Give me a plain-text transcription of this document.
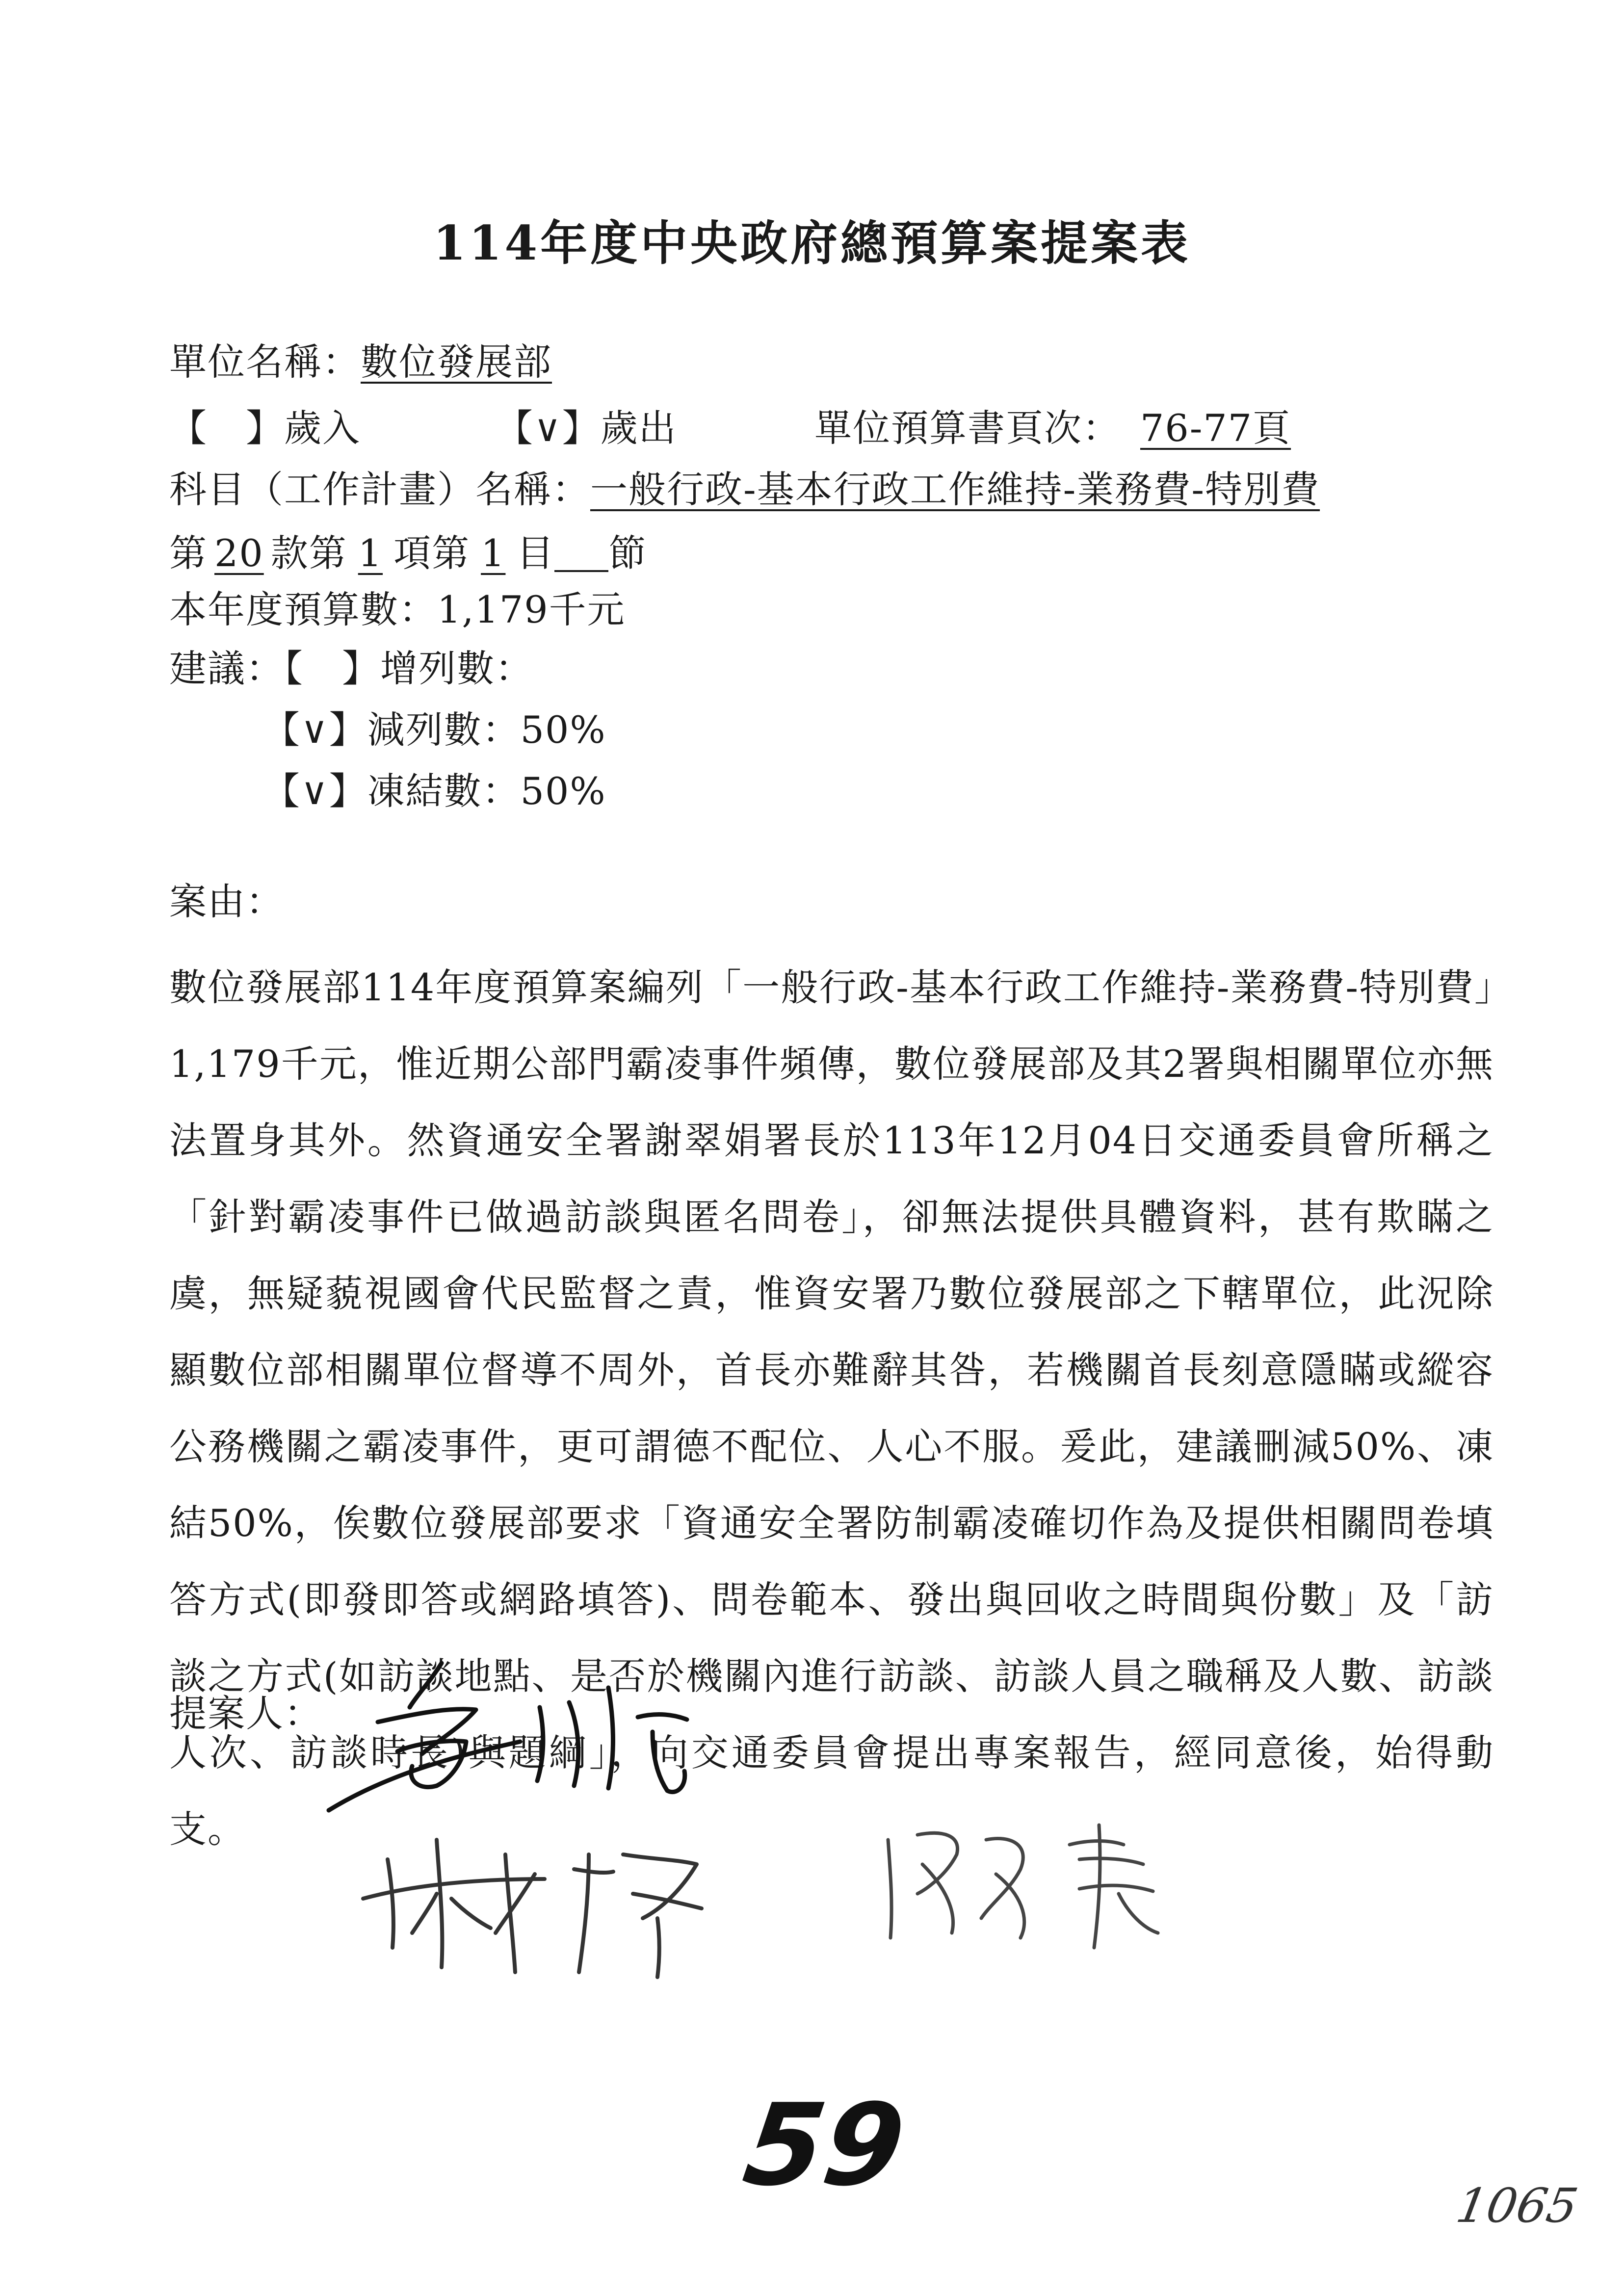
114年度中央政府總預算案提案表
單位名稱：數位發展部
【　】歲入	【∨】歲出	單位預算書頁次： 76-77頁
科目（工作計畫）名稱：一般行政-基本行政工作維持-業務費-特別費
第 20 款第 1 項第 1 目 節
本年度預算數：1,179千元
建議：【　】增列數：
【∨】減列數：50%
【∨】凍結數：50%
案由：
數位發展部114年度預算案編列「一般行政-基本行政工作維持-業務費-特別費」1,179千元，惟近期公部門霸凌事件頻傳，數位發展部及其2署與相關單位亦無法置身其外。然資通安全署謝翠娟署長於113年12月04日交通委員會所稱之「針對霸凌事件已做過訪談與匿名問卷」，卻無法提供具體資料，甚有欺瞞之虞，無疑藐視國會代民監督之責，惟資安署乃數位發展部之下轄單位，此況除顯數位部相關單位督導不周外，首長亦難辭其咎，若機關首長刻意隱瞞或縱容公務機關之霸凌事件，更可謂德不配位、人心不服。爰此，建議刪減50%、凍結50%，俟數位發展部要求「資通安全署防制霸凌確切作為及提供相關問卷填答方式(即發即答或網路填答)、問卷範本、發出與回收之時間與份數」及「訪談之方式(如訪談地點、是否於機關內進行訪談、訪談人員之職稱及人數、訪談人次、訪談時長)與題綱」，向交通委員會提出專案報告，經同意後，始得動支。
提案人：
59	1065
